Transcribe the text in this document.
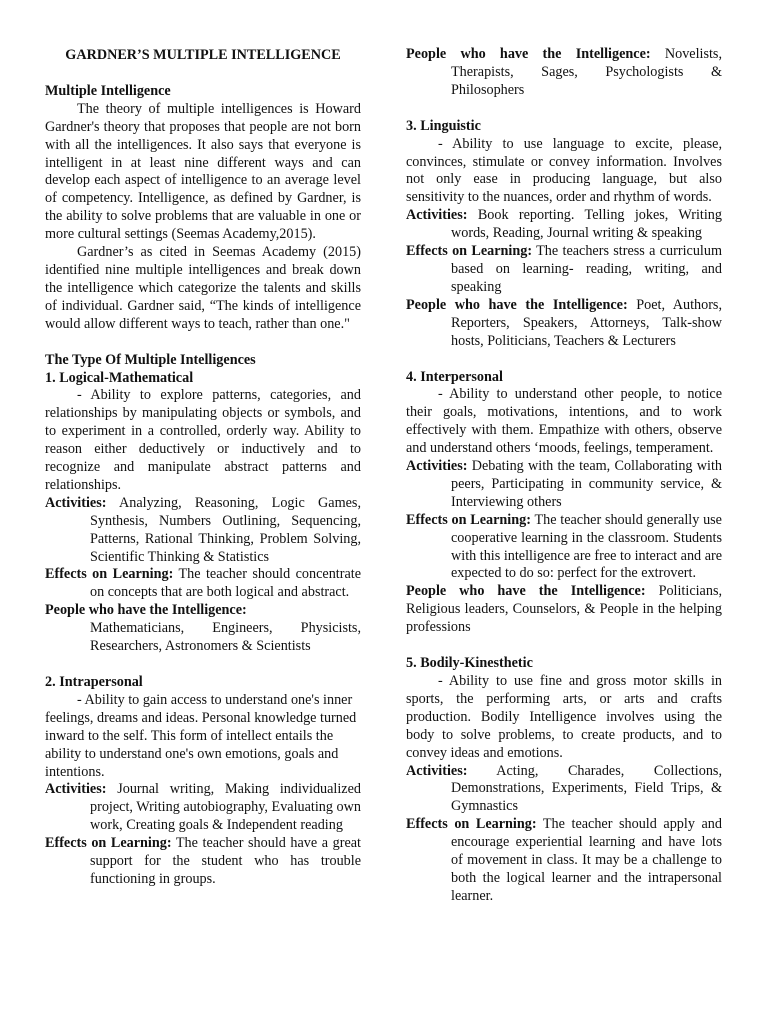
GARDNER’S MULTIPLE INTELLIGENCE

Multiple Intelligence

The theory of multiple intelligences is Howard Gardner's theory that proposes that people are not born with all the intelligences. It also says that everyone is intelligent in at least nine different ways and can develop each aspect of intelligence to an average level of competency. Intelligence, as defined by Gardner, is the ability to solve problems that are valuable in one or more cultural settings (Seemas Academy,2015).

Gardner’s as cited in Seemas Academy (2015) identified nine multiple intelligences and break down the intelligence which categorize the talents and skills of individual. Gardner said, “The kinds of intelligence would allow different ways to teach, rather than one."

The Type Of Multiple Intelligences

1. Logical-Mathematical

- Ability to explore patterns, categories, and relationships by manipulating objects or symbols, and to experiment in a controlled, orderly way. Ability to reason either deductively or inductively and to recognize and manipulate abstract patterns and relationships.

Activities: Analyzing, Reasoning, Logic Games, Synthesis, Numbers Outlining, Sequencing, Patterns, Rational Thinking, Problem Solving, Scientific Thinking & Statistics

Effects on Learning: The teacher should concentrate on concepts that are both logical and abstract.

People who have the Intelligence:

Mathematicians, Engineers, Physicists, Researchers, Astronomers & Scientists

2. Intrapersonal

- Ability to gain access to understand one's inner feelings, dreams and ideas. Personal knowledge turned inward to the self. This form of intellect entails the ability to understand one's own emotions, goals and intentions.

Activities: Journal writing, Making individualized project, Writing autobiography, Evaluating own work, Creating goals & Independent reading

Effects on Learning: The teacher should have a great support for the student who has trouble functioning in groups.

People who have the Intelligence: Novelists, Therapists, Sages, Psychologists & Philosophers

3. Linguistic

- Ability to use language to excite, please, convinces, stimulate or convey information. Involves not only ease in producing language, but also sensitivity to the nuances, order and rhythm of words.

Activities: Book reporting. Telling jokes, Writing words, Reading, Journal writing & speaking

Effects on Learning: The teachers stress a curriculum based on learning- reading, writing, and speaking

People who have the Intelligence: Poet, Authors, Reporters, Speakers, Attorneys, Talk-show hosts, Politicians, Teachers & Lecturers

4. Interpersonal

- Ability to understand other people, to notice their goals, motivations, intentions, and to work effectively with them. Empathize with others, observe and understand others ‘moods, feelings, temperament.

Activities: Debating with the team, Collaborating with peers, Participating in community service, & Interviewing others

Effects on Learning: The teacher should generally use cooperative learning in the classroom. Students with this intelligence are free to interact and are expected to do so: perfect for the extrovert.

People who have the Intelligence: Politicians, Religious leaders, Counselors, & People in the helping professions

5. Bodily-Kinesthetic

- Ability to use fine and gross motor skills in sports, the performing arts, or arts and crafts production. Bodily Intelligence involves using the body to solve problems, to create products, and to convey ideas and emotions.

Activities: Acting, Charades, Collections, Demonstrations, Experiments, Field Trips, & Gymnastics

Effects on Learning: The teacher should apply and encourage experiential learning and have lots of movement in class. It may be a challenge to both the logical learner and the intrapersonal learner.
